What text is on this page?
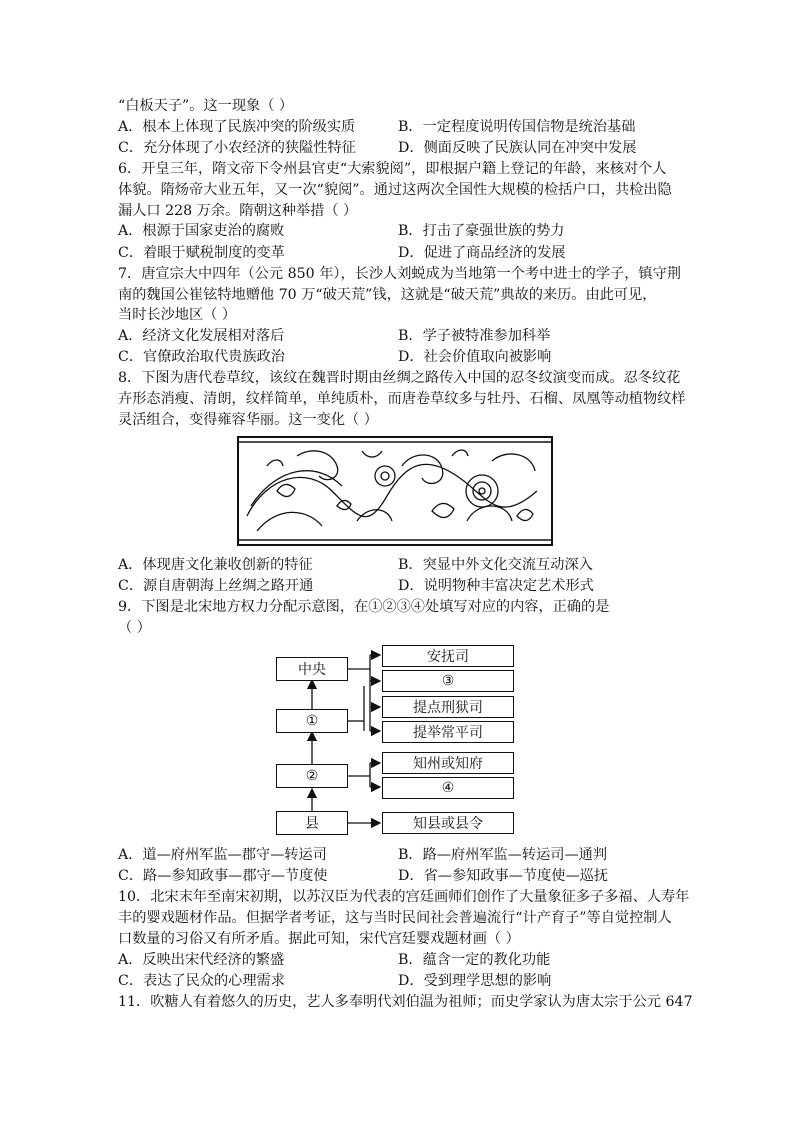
“白板天子”。这一现象（ ）
A．根本上体现了民族冲突的阶级实质	B．一定程度说明传国信物是统治基础
C．充分体现了小农经济的狭隘性特征	D．侧面反映了民族认同在冲突中发展
6．开皇三年，隋文帝下令州县官吏“大索貌阅”，即根据户籍上登记的年龄，来核对个人
体貌。隋炀帝大业五年，又一次“貌阅”。通过这两次全国性大规模的检括户口，共检出隐
漏人口 228 万余。隋朝这种举措（ ）
A．根源于国家吏治的腐败	B．打击了豪强世族的势力
C．着眼于赋税制度的变革	D．促进了商品经济的发展
7．唐宣宗大中四年（公元 850 年），长沙人刘蜕成为当地第一个考中进士的学子，镇守荆
南的魏国公崔铉特地赠他 70 万“破天荒”钱，这就是“破天荒”典故的来历。由此可见，
当时长沙地区（ ）
A．经济文化发展相对落后	B．学子被特准参加科举
C．官僚政治取代贵族政治	D．社会价值取向被影响
8．下图为唐代卷草纹，该纹在魏晋时期由丝绸之路传入中国的忍冬纹演变而成。忍冬纹花
卉形态消瘦、清朗，纹样简单，单纯质朴，而唐卷草纹多与牡丹、石榴、凤凰等动植物纹样
灵活组合，变得雍容华丽。这一变化（ ）
A．体现唐文化兼收创新的特征	B．突显中外文化交流互动深入
C．源自唐朝海上丝绸之路开通	D．说明物种丰富决定艺术形式
9．下图是北宋地方权力分配示意图，在①②③④处填写对应的内容，正确的是
（ ）
中央
①
②
县
安抚司
③
提点刑狱司
提举常平司
知州或知府
④
知县或县令
A．道—府州军监—郡守—转运司	B．路—府州军监—转运司—通判
C．路—参知政事—郡守—节度使	D．省—参知政事—节度使—巡抚
10．北宋末年至南宋初期，以苏汉臣为代表的宫廷画师们创作了大量象征多子多福、人寿年
丰的婴戏题材作品。但据学者考证，这与当时民间社会普遍流行“计产育子”等自觉控制人
口数量的习俗又有所矛盾。据此可知，宋代宫廷婴戏题材画（ ）
A．反映出宋代经济的繁盛	B．蕴含一定的教化功能
C．表达了民众的心理需求	D．受到理学思想的影响
11．吹糖人有着悠久的历史，艺人多奉明代刘伯温为祖师；而史学家认为唐太宗于公元 647
